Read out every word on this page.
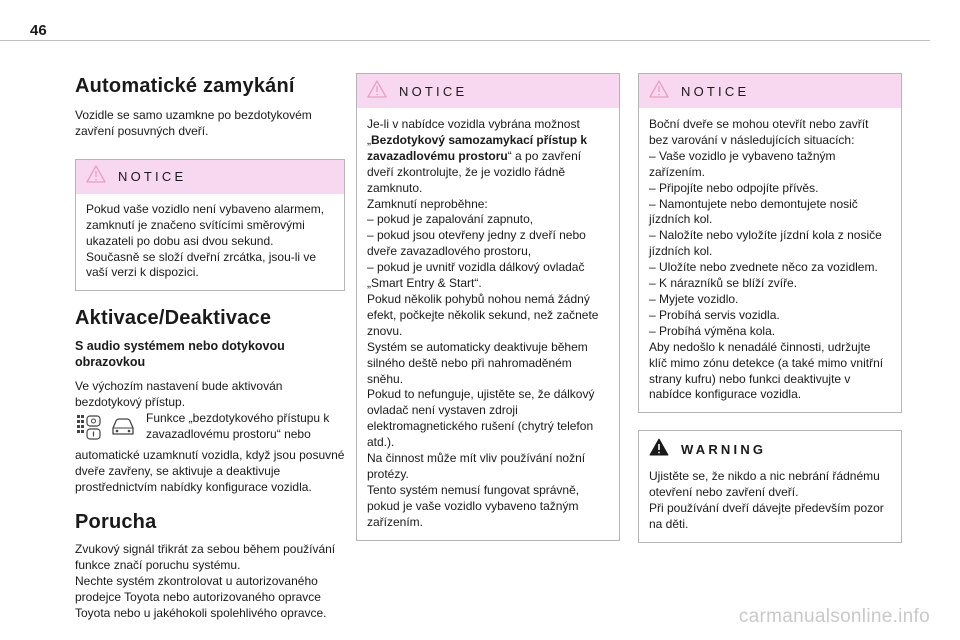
46
Automatické zamykání

Vozidle se samo uzamkne po bezdotykovém zavření posuvných dveří.

NOTICE
Pokud vaše vozidlo není vybaveno alarmem, zamknutí je značeno svítícími směrovými ukazateli po dobu asi dvou sekund.
Současně se složí dveřní zrcátka, jsou-li ve vaší verzi k dispozici.
Aktivace/Deaktivace
S audio systémem nebo dotykovou obrazovkou

Ve výchozím nastavení bude aktivován bezdotykový přístup.

Funkce „bezdotykového přístupu k zavazadlovému prostoru“ nebo

automatické uzamknutí vozidla, když jsou posuvné dveře zavřeny, se aktivuje a deaktivuje prostřednictvím nabídky konfigurace vozidla.

Porucha

Zvukový signál třikrát za sebou během používání funkce značí poruchu systému.
Nechte systém zkontrolovat u autorizovaného prodejce Toyota nebo autorizovaného opravce Toyota nebo u jakéhokoli spolehlivého opravce.

NOTICE
Je-li v nabídce vozidla vybrána možnost „Bezdotykový samozamykací přístup k zavazadlovému prostoru“ a po zavření dveří zkontrolujte, že je vozidlo řádně zamknuto.
Zamknutí neproběhne:
– pokud je zapalování zapnuto,
– pokud jsou otevřeny jedny z dveří nebo dveře zavazadlového prostoru,
– pokud je uvnitř vozidla dálkový ovladač „Smart Entry & Start“.
Pokud několik pohybů nohou nemá žádný efekt, počkejte několik sekund, než začnete znovu.
Systém se automaticky deaktivuje během silného deště nebo při nahromaděném sněhu.
Pokud to nefunguje, ujistěte se, že dálkový ovladač není vystaven zdroji elektromagnetického rušení (chytrý telefon atd.).
Na činnost může mít vliv používání nožní protézy.
Tento systém nemusí fungovat správně, pokud je vaše vozidlo vybaveno tažným zařízením.
NOTICE
Boční dveře se mohou otevřít nebo zavřít bez varování v následujících situacích:
– Vaše vozidlo je vybaveno tažným zařízením.
– Připojíte nebo odpojíte přívěs.
– Namontujete nebo demontujete nosič jízdních kol.
– Naložíte nebo vyložíte jízdní kola z nosiče jízdních kol.
– Uložíte nebo zvednete něco za vozidlem.
– K nárazníků se blíží zvíře.
– Myjete vozidlo.
– Probíhá servis vozidla.
– Probíhá výměna kola.
Aby nedošlo k nenadálé činnosti, udržujte klíč mimo zónu detekce (a také mimo vnitřní strany kufru) nebo funkci deaktivujte v nabídce konfigurace vozidla.
WARNING
Ujistěte se, že nikdo a nic nebrání řádnému otevření nebo zavření dveří.
Při používání dveří dávejte především pozor na děti.
carmanualsonline.info
